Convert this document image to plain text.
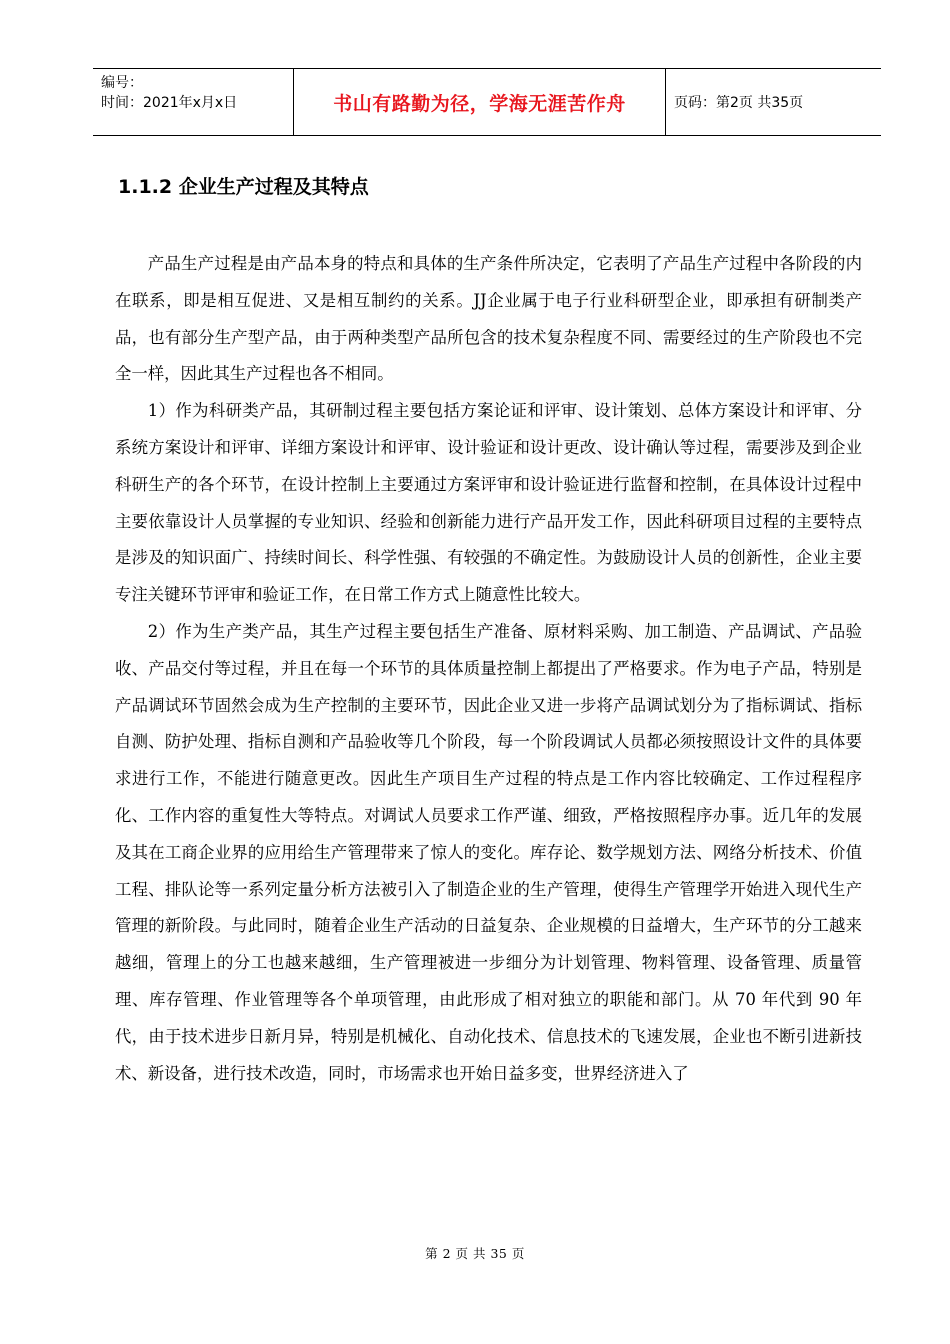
编号：
时间：2021年x月x日	书山有路勤为径，学海无涯苦作舟	页码：第2页 共35页
1.1.2 企业生产过程及其特点

产品生产过程是由产品本身的特点和具体的生产条件所决定，它表明了产品生产过程中各阶段的内在联系，即是相互促进、又是相互制约的关系。JJ企业属于电子行业科研型企业，即承担有研制类产品，也有部分生产型产品，由于两种类型产品所包含的技术复杂程度不同、需要经过的生产阶段也不完全一样，因此其生产过程也各不相同。

1）作为科研类产品，其研制过程主要包括方案论证和评审、设计策划、总体方案设计和评审、分系统方案设计和评审、详细方案设计和评审、设计验证和设计更改、设计确认等过程，需要涉及到企业科研生产的各个环节，在设计控制上主要通过方案评审和设计验证进行监督和控制，在具体设计过程中主要依靠设计人员掌握的专业知识、经验和创新能力进行产品开发工作，因此科研项目过程的主要特点是涉及的知识面广、持续时间长、科学性强、有较强的不确定性。为鼓励设计人员的创新性，企业主要专注关键环节评审和验证工作，在日常工作方式上随意性比较大。

2）作为生产类产品，其生产过程主要包括生产准备、原材料采购、加工制造、产品调试、产品验收、产品交付等过程，并且在每一个环节的具体质量控制上都提出了严格要求。作为电子产品，特别是产品调试环节固然会成为生产控制的主要环节，因此企业又进一步将产品调试划分为了指标调试、指标自测、防护处理、指标自测和产品验收等几个阶段，每一个阶段调试人员都必须按照设计文件的具体要求进行工作，不能进行随意更改。因此生产项目生产过程的特点是工作内容比较确定、工作过程程序化、工作内容的重复性大等特点。对调试人员要求工作严谨、细致，严格按照程序办事。近几年的发展及其在工商企业界的应用给生产管理带来了惊人的变化。库存论、数学规划方法、网络分析技术、价值工程、排队论等一系列定量分析方法被引入了制造企业的生产管理，使得生产管理学开始进入现代生产管理的新阶段。与此同时，随着企业生产活动的日益复杂、企业规模的日益增大，生产环节的分工越来越细，管理上的分工也越来越细，生产管理被进一步细分为计划管理、物料管理、设备管理、质量管理、库存管理、作业管理等各个单项管理，由此形成了相对独立的职能和部门。从 70 年代到 90 年代，由于技术进步日新月异，特别是机械化、自动化技术、信息技术的飞速发展，企业也不断引进新技术、新设备，进行技术改造，同时，市场需求也开始日益多变，世界经济进入了

第 2 页 共 35 页
